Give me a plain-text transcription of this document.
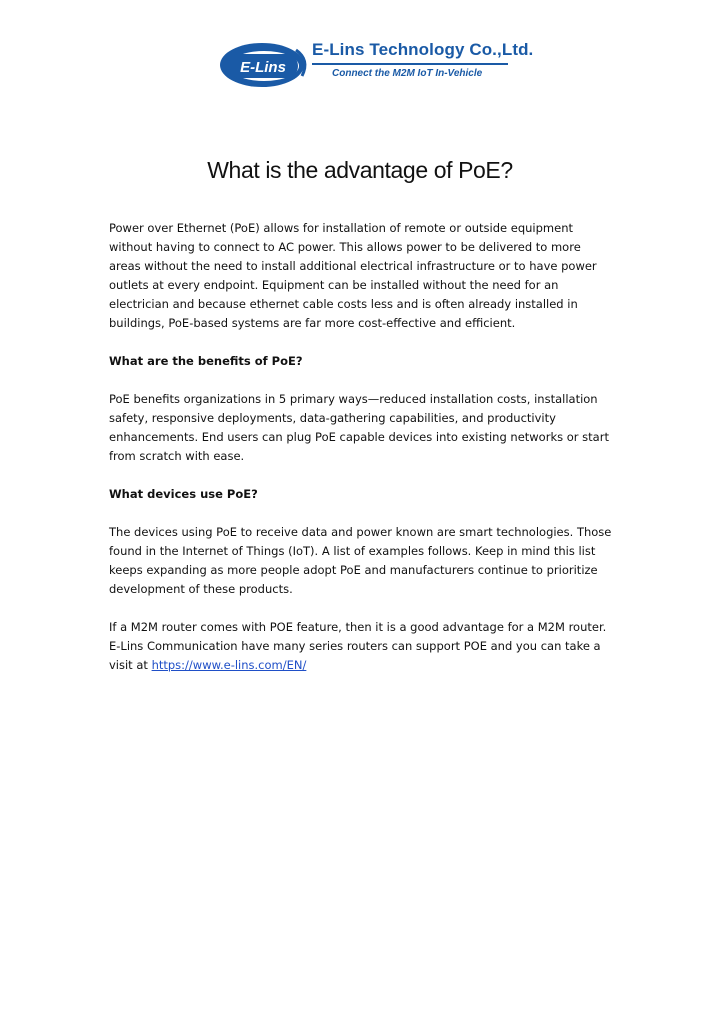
E-Lins
E-Lins Technology Co.,Ltd.
Connect the M2M IoT In-Vehicle
What is the advantage of PoE?

Power over Ethernet (PoE) allows for installation of remote or outside equipment without having to connect to AC power. This allows power to be delivered to more areas without the need to install additional electrical infrastructure or to have power outlets at every endpoint. Equipment can be installed without the need for an electrician and because ethernet cable costs less and is often already installed in buildings, PoE-based systems are far more cost-effective and efficient.

What are the benefits of PoE?

PoE benefits organizations in 5 primary ways—reduced installation costs, installation safety, responsive deployments, data-gathering capabilities, and productivity enhancements. End users can plug PoE capable devices into existing networks or start from scratch with ease.

What devices use PoE?

The devices using PoE to receive data and power known are smart technologies. Those found in the Internet of Things (IoT). A list of examples follows. Keep in mind this list keeps expanding as more people adopt PoE and manufacturers continue to prioritize development of these products.

If a M2M router comes with POE feature, then it is a good advantage for a M2M router. E-Lins Communication have many series routers can support POE and you can take a visit at https://www.e-lins.com/EN/
